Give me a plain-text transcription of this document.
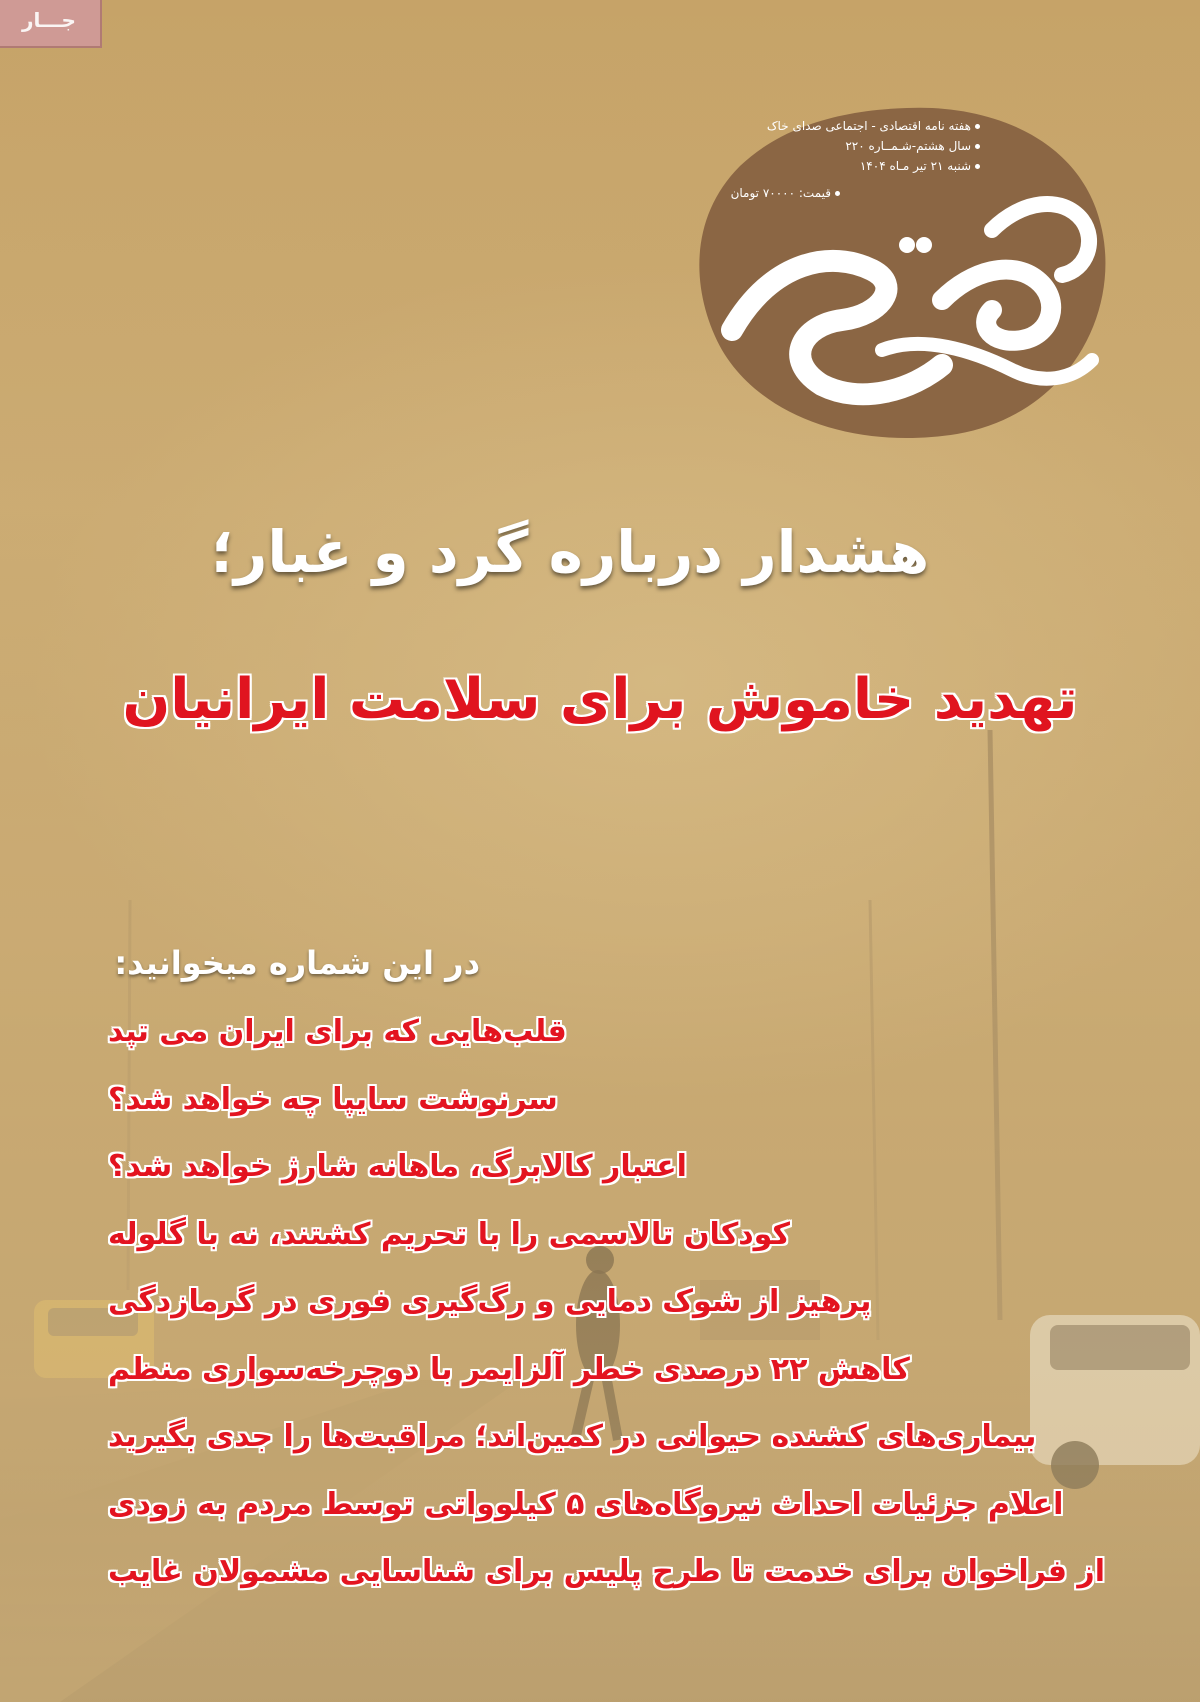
جـــار
هفته نامه اقتصادی - اجتماعی صدای خاک
سال هشتم-شـمــاره ۲۲۰
شنبه ۲۱ تیر مـاه ۱۴۰۴
قیمت: ۷۰۰۰۰ تومان
هشدار درباره گرد و غبار؛
تهدید خاموش برای سلامت ایرانیان
در این شماره میخوانید:
قلب‌هایی که برای ایران می تپد
سرنوشت سایپا چه خواهد شد؟
اعتبار کالابرگ، ماهانه شارژ خواهد شد؟
کودکان تالاسمی را با تحریم کشتند، نه با گلوله
پرهیز از شوک دمایی و رگ‌گیری فوری در گرمازدگی
کاهش ۲۲ درصدی خطر آلزایمر با دوچرخه‌سواری منظم
بیماری‌های کشنده حیوانی در کمین‌اند؛ مراقبت‌ها را جدی بگیرید
اعلام جزئیات احداث نیروگاه‌های ۵ کیلوواتی توسط مردم به زودی
از فراخوان برای خدمت تا طرح پلیس برای شناسایی مشمولان غایب
